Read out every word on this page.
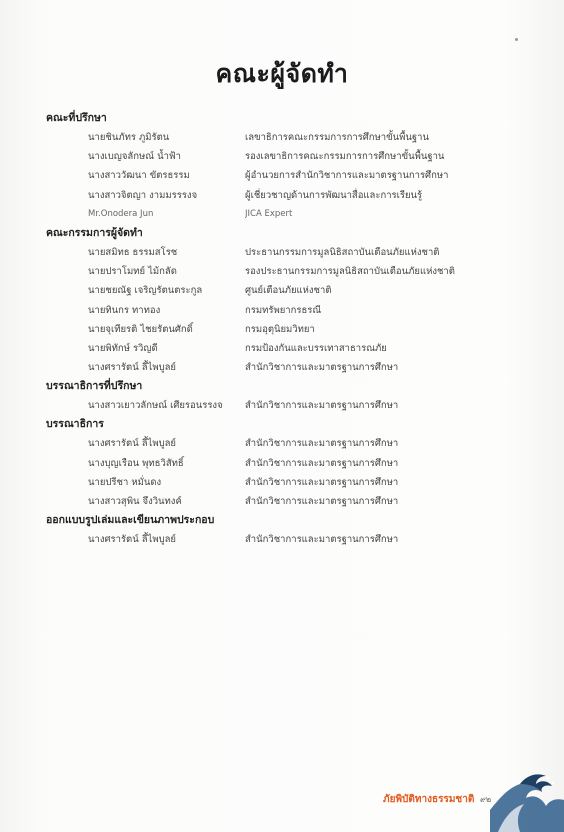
คณะผู้จัดทำ
คณะที่ปรึกษา
นายชินภัทร ภูมิรัตน	เลขาธิการคณะกรรมการการศึกษาขั้นพื้นฐาน
นางเบญจลักษณ์ น้ำฟ้า	รองเลขาธิการคณะกรรมการการศึกษาขั้นพื้นฐาน
นางสาววัฒนา ขัตรธรรม	ผู้อำนวยการสำนักวิชาการและมาตรฐานการศึกษา
นางสาวจิตญา งามมรรรงจ	ผู้เชี่ยวชาญด้านการพัฒนาสื่อและการเรียนรู้
Mr.Onodera Jun	JICA Expert
คณะกรรมการผู้จัดทำ
นายสมิทธ ธรรมสโรช	ประธานกรรมการมูลนิธิสถาบันเตือนภัยแห่งชาติ
นายปราโมทย์ ไม้กลัด	รองประธานกรรมการมูลนิธิสถาบันเตือนภัยแห่งชาติ
นายชยณัฐ เจริญรัตนตระกูล	ศูนย์เตือนภัยแห่งชาติ
นายทินกร ทาทอง	กรมทรัพยากรธรณี
นายจุเทียรติ ไชยรัตนศักดิ์	กรมอุตุนิยมวิทยา
นายพิทักษ์ รวิญดี	กรมป้องกันและบรรเทาสาธารณภัย
นางศรารัตน์ ลี้ไพบูลย์	สำนักวิชาการและมาตรฐานการศึกษา
บรรณาธิการที่ปรึกษา
นางสาวเยาวลักษณ์ เศียรอนรรงจ	สำนักวิชาการและมาตรฐานการศึกษา
บรรณาธิการ
นางศรารัตน์ ลี้ไพบูลย์	สำนักวิชาการและมาตรฐานการศึกษา
นางบุญเรือน พุทธวิสัทธิ์	สำนักวิชาการและมาตรฐานการศึกษา
นายปรีชา หมั่นดง	สำนักวิชาการและมาตรฐานการศึกษา
นางสาวสุพิน จึงวินทงค์	สำนักวิชาการและมาตรฐานการศึกษา
ออกแบบรูปเล่มและเขียนภาพประกอบ
นางศรารัตน์ ลี้ไพบูลย์	สำนักวิชาการและมาตรฐานการศึกษา
ภัยพิบัติทางธรรมชาติ ๙๒
